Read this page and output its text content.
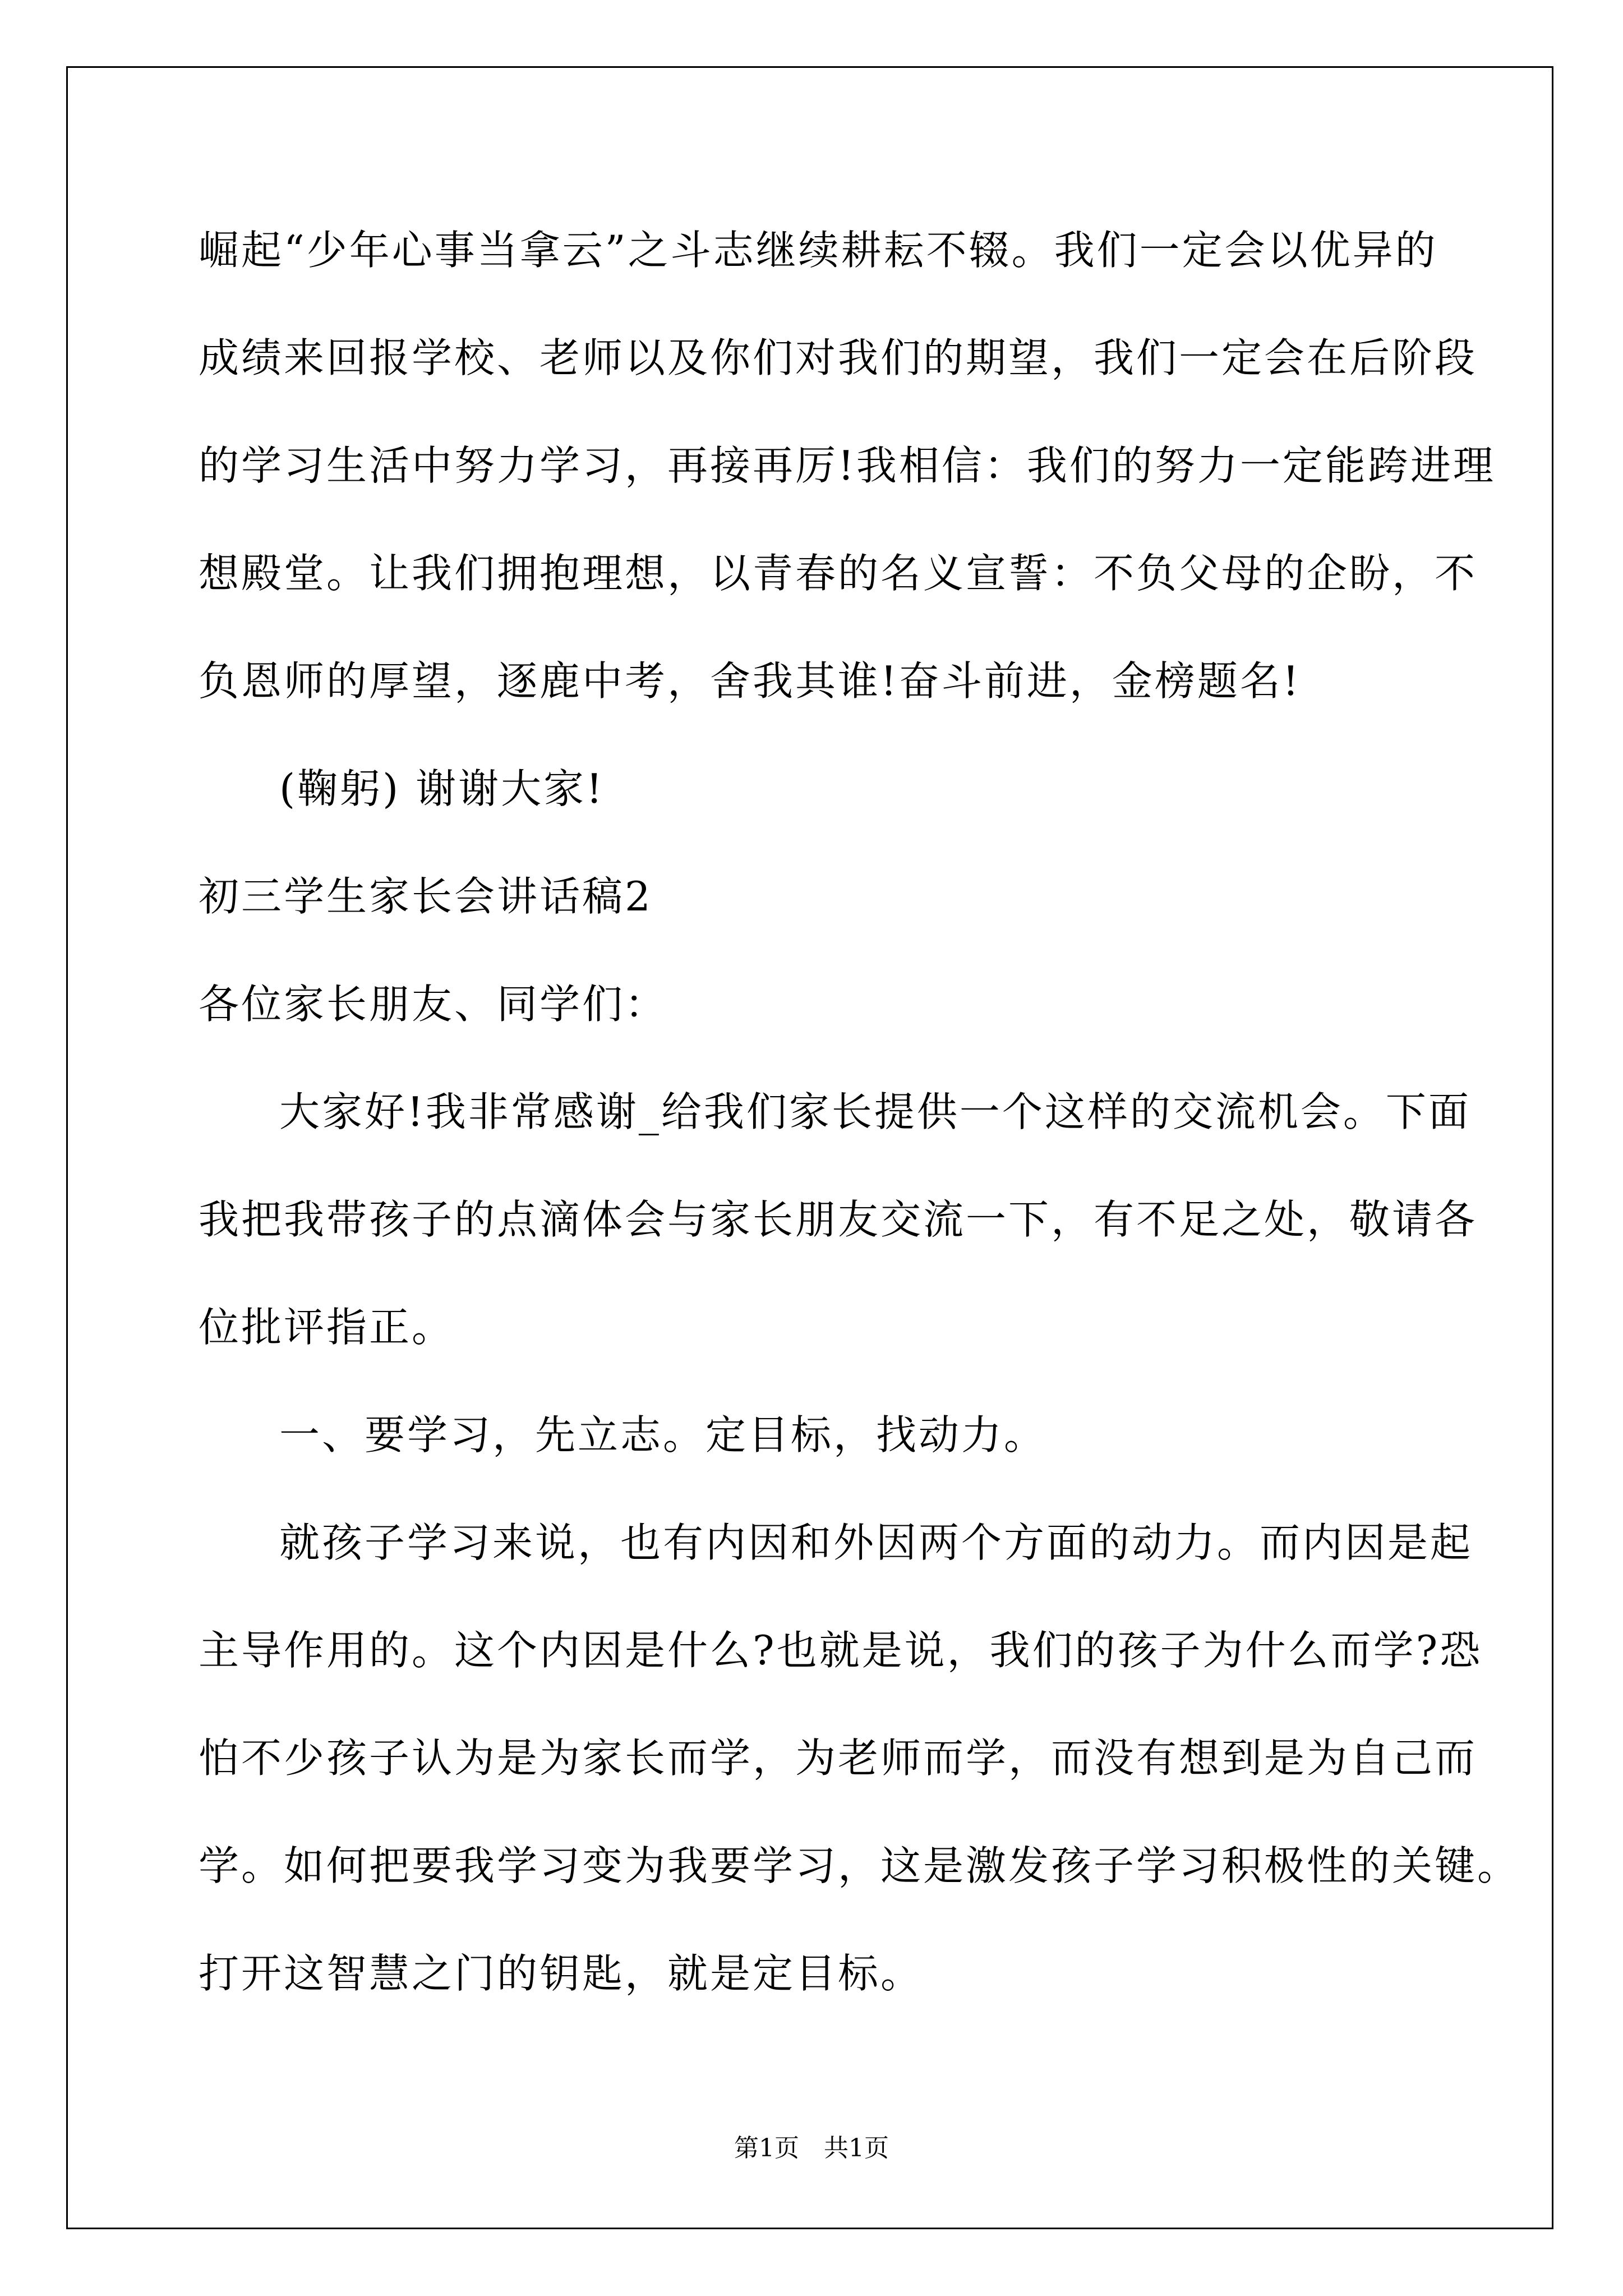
崛起“少年心事当拿云”之斗志继续耕耘不辍。我们一定会以优异的
成绩来回报学校、老师以及你们对我们的期望，我们一定会在后阶段
的学习生活中努力学习，再接再厉!我相信：我们的努力一定能跨进理
想殿堂。让我们拥抱理想，以青春的名义宣誓：不负父母的企盼，不
负恩师的厚望，逐鹿中考，舍我其谁!奋斗前进，金榜题名!
(鞠躬) 谢谢大家!
初三学生家长会讲话稿2
各位家长朋友、同学们：
大家好!我非常感谢_给我们家长提供一个这样的交流机会。下面
我把我带孩子的点滴体会与家长朋友交流一下，有不足之处，敬请各
位批评指正。
一、要学习，先立志。定目标，找动力。
就孩子学习来说，也有内因和外因两个方面的动力。而内因是起
主导作用的。这个内因是什么?也就是说，我们的孩子为什么而学?恐
怕不少孩子认为是为家长而学，为老师而学，而没有想到是为自己而
学。如何把要我学习变为我要学习，这是激发孩子学习积极性的关键。
打开这智慧之门的钥匙，就是定目标。
第1页　共1页
